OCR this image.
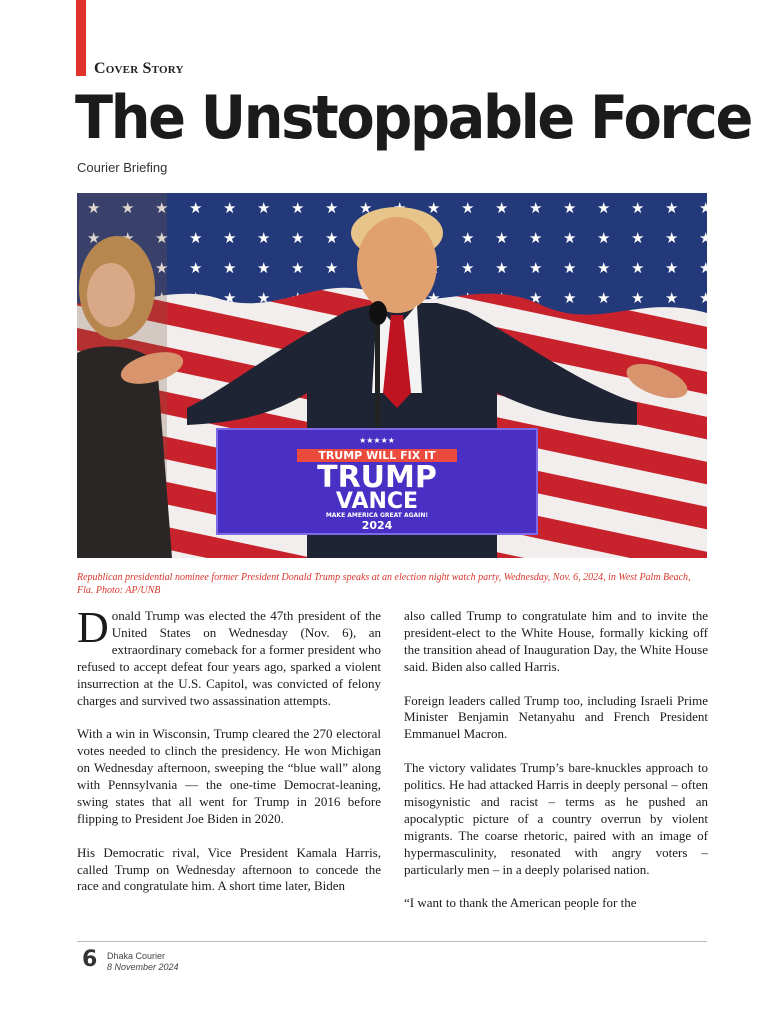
Cover Story
The Unstoppable Force
Courier Briefing
★★★★★
TRUMP WILL FIX IT
TRUMP
VANCE
MAKE AMERICA GREAT AGAIN!
2024
Republican presidential nominee former President Donald Trump speaks at an election night watch party, Wednesday, Nov. 6, 2024, in West Palm Beach, Fla. Photo: AP/UNB

Donald Trump was elected the 47th president of the United States on Wednesday (Nov. 6), an extraordinary comeback for a former president who refused to accept defeat four years ago, sparked a violent insurrection at the U.S. Capitol, was convicted of felony charges and survived two assassination attempts.

With a win in Wisconsin, Trump cleared the 270 electoral votes needed to clinch the presidency. He won Michigan on Wednesday afternoon, sweeping the “blue wall” along with Pennsylvania — the one-time Democrat-leaning, swing states that all went for Trump in 2016 before flipping to President Joe Biden in 2020.

His Democratic rival, Vice President Kamala Harris, called Trump on Wednesday afternoon to concede the race and congratulate him. A short time later, Biden

also called Trump to congratulate him and to invite the president-elect to the White House, formally kicking off the transition ahead of Inauguration Day, the White House said. Biden also called Harris.

Foreign leaders called Trump too, including Israeli Prime Minister Benjamin Netanyahu and French President Emmanuel Macron.

The victory validates Trump’s bare-knuckles approach to politics. He had attacked Harris in deeply personal – often misogynistic and racist – terms as he pushed an apocalyptic picture of a country overrun by violent migrants. The coarse rhetoric, paired with an image of hypermasculinity, resonated with angry voters – particularly men – in a deeply polarised nation.

“I want to thank the American people for the

6 Dhaka Courier
8 November 2024
